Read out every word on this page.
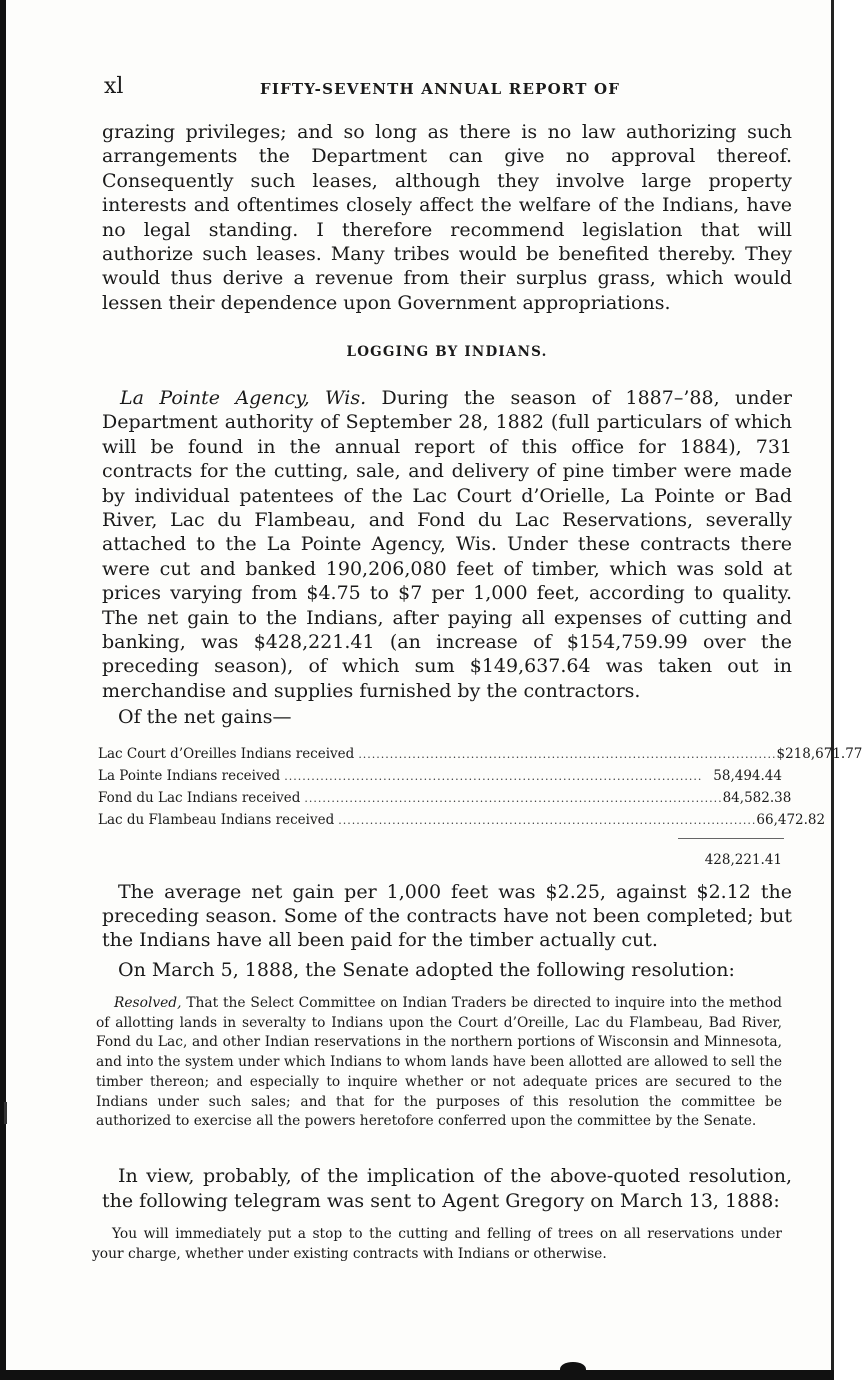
xl	FIFTY-SEVENTH ANNUAL REPORT OF
grazing privileges; and so long as there is no law authorizing such arrangements the Department can give no approval thereof. Consequently such leases, although they involve large property interests and oftentimes closely affect the welfare of the Indians, have no legal standing. I therefore recommend legislation that will authorize such leases. Many tribes would be benefited thereby. They would thus derive a revenue from their surplus grass, which would lessen their dependence upon Government appropriations.
LOGGING BY INDIANS.
La Pointe Agency, Wis. During the season of 1887–’88, under Department authority of September 28, 1882 (full particulars of which will be found in the annual report of this office for 1884), 731 contracts for the cutting, sale, and delivery of pine timber were made by individual patentees of the Lac Court d’Orielle, La Pointe or Bad River, Lac du Flambeau, and Fond du Lac Reservations, severally attached to the La Pointe Agency, Wis. Under these contracts there were cut and banked 190,206,080 feet of timber, which was sold at prices varying from $4.75 to $7 per 1,000 feet, according to quality. The net gain to the Indians, after paying all expenses of cutting and banking, was $428,221.41 (an increase of $154,759.99 over the preceding season), of which sum $149,637.64 was taken out in merchandise and supplies furnished by the contractors.
Of the net gains—
Lac Court d’Oreilles Indians received ............................................................................................. $218,671.77
La Pointe Indians received ............................................................................................. 58,494.44
Fond du Lac Indians received ............................................................................................. 84,582.38
Lac du Flambeau Indians received ............................................................................................. 66,472.82
428,221.41
The average net gain per 1,000 feet was $2.25, against $2.12 the preceding season. Some of the contracts have not been completed; but the Indians have all been paid for the timber actually cut.
On March 5, 1888, the Senate adopted the following resolution:
Resolved, That the Select Committee on Indian Traders be directed to inquire into the method of allotting lands in severalty to Indians upon the Court d’Oreille, Lac du Flambeau, Bad River, Fond du Lac, and other Indian reservations in the northern portions of Wisconsin and Minnesota, and into the system under which Indians to whom lands have been allotted are allowed to sell the timber thereon; and especially to inquire whether or not adequate prices are secured to the Indians under such sales; and that for the purposes of this resolution the committee be authorized to exercise all the powers heretofore conferred upon the committee by the Senate.
In view, probably, of the implication of the above-quoted resolution, the following telegram was sent to Agent Gregory on March 13, 1888:
You will immediately put a stop to the cutting and felling of trees on all reservations under your charge, whether under existing contracts with Indians or otherwise.
